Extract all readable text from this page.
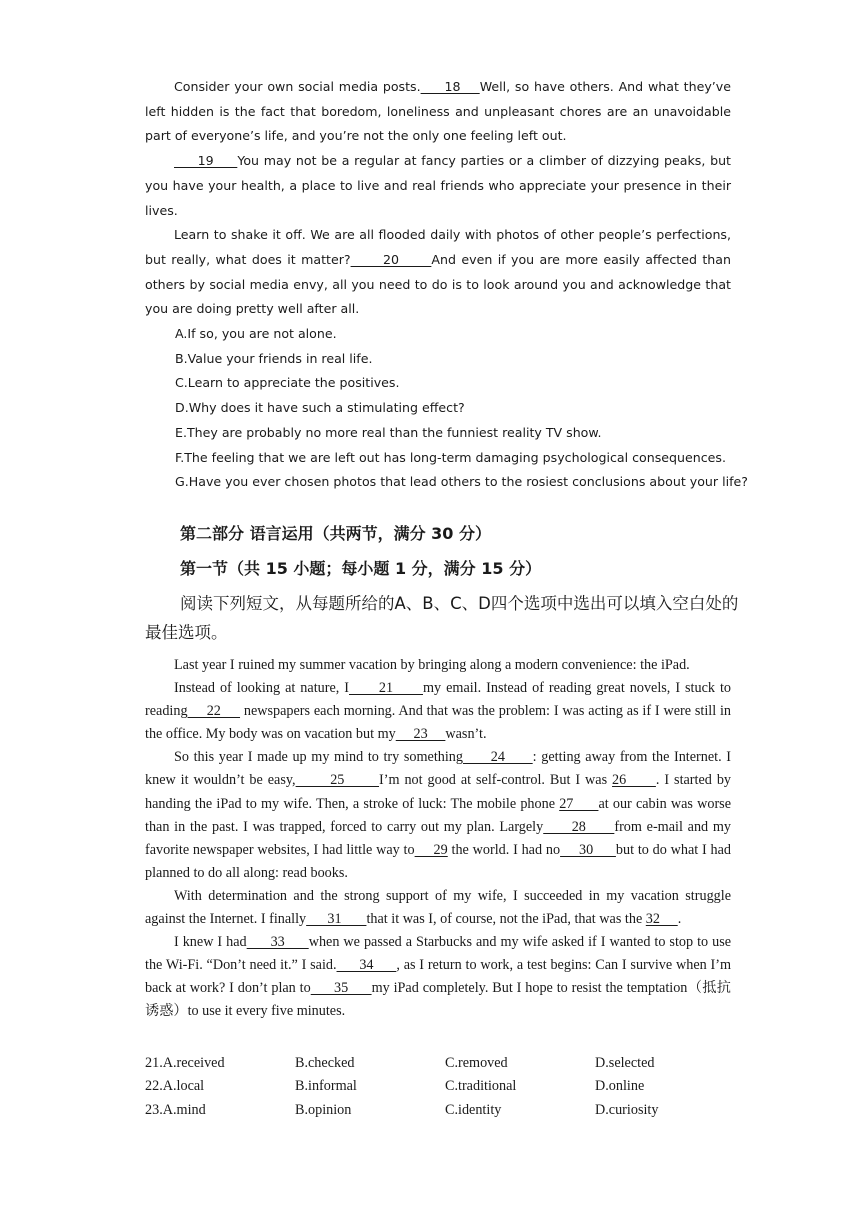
Consider your own social media posts.     18    Well, so have others. And what they’ve left hidden is the fact that boredom, loneliness and unpleasant chores are an unavoidable part of everyone’s life, and you’re not the only one feeling left out.

19     You may not be a regular at fancy parties or a climber of dizzying peaks, but you have your health, a place to live and real friends who appreciate your presence in their lives.

Learn to shake it off. We are all flooded daily with photos of other people’s perfections, but really, what does it matter?      20      And even if you are more easily affected than others by social media envy, all you need to do is to look around you and acknowledge that you are doing pretty well after all.

A.If so, you are not alone.
B.Value your friends in real life.
C.Learn to appreciate the positives.
D.Why does it have such a stimulating effect?
E.They are probably no more real than the funniest reality TV show.
F.The feeling that we are left out has long-term damaging psychological consequences.
G.Have you ever chosen photos that lead others to the rosiest conclusions about your life?
第二部分 语言运用（共两节，满分 30 分）
第一节（共 15 小题；每小题 1 分，满分 15 分）

阅读下列短文，从每题所给的A、B、C、D四个选项中选出可以填入空白处的最佳选项。

Last year I ruined my summer vacation by bringing along a modern convenience: the iPad.

Instead of looking at nature, I      21      my email. Instead of reading great novels, I stuck to reading     22      newspapers each morning. And that was the problem: I was acting as if I were still in the office. My body was on vacation but my     23     wasn’t.

So this year I made up my mind to try something      24      : getting away from the Internet. I knew it wouldn’t be easy,       25       I’m not good at self-control. But I was 26      . I started by handing the iPad to my wife. Then, a stroke of luck: The mobile phone 27      at our cabin was worse than in the past. I was trapped, forced to carry out my plan. Largely      28      from e-mail and my favorite newspaper websites, I had little way to     29 the world. I had no     30      but to do what I had planned to do all along: read books.

With determination and the strong support of my wife, I succeeded in my vacation struggle against the Internet. I finally      31       that it was I, of course, not the iPad, that was the 32     .

I knew I had      33      when we passed a Starbucks and my wife asked if I wanted to stop to use the Wi-Fi. “Don’t need it.” I said.      34      , as I return to work, a test begins: Can I survive when I’m back at work? I don’t plan to      35      my iPad completely. But I hope to resist the temptation（抵抗诱惑）to use it every five minutes.

21.A.received	B.checked	C.removed	D.selected
22.A.local	B.informal	C.traditional	D.online
23.A.mind	B.opinion	C.identity	D.curiosity
